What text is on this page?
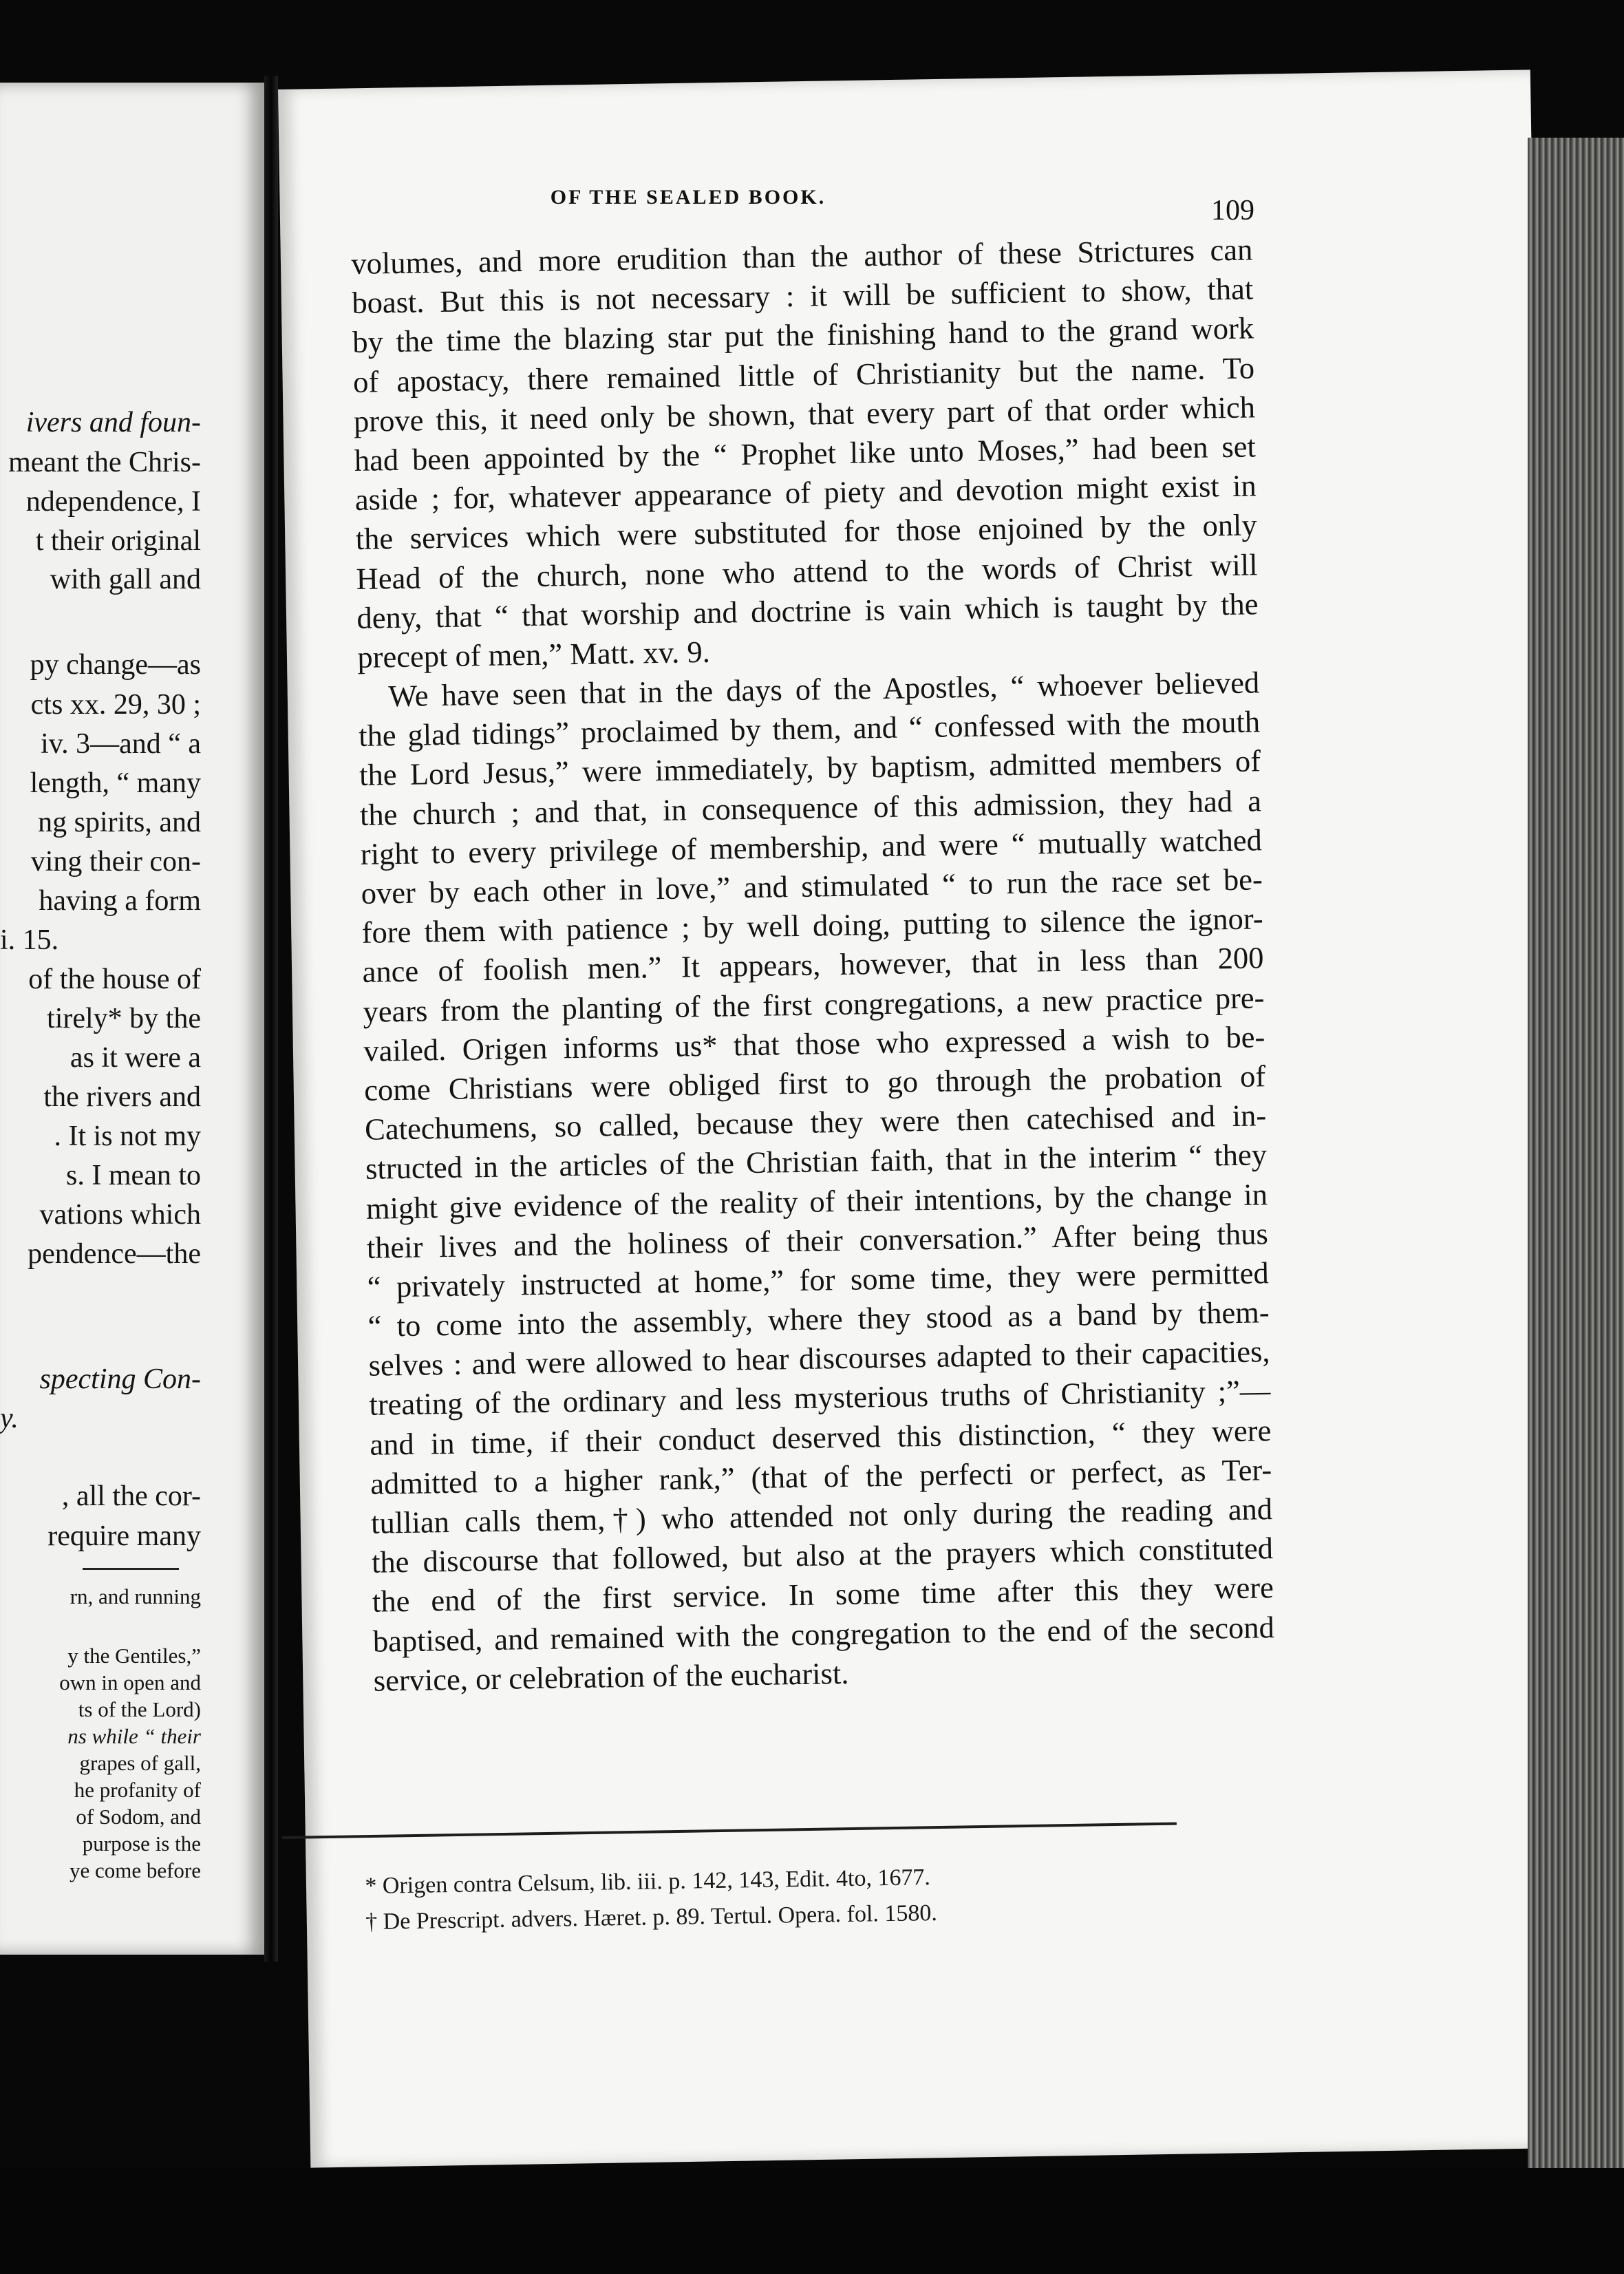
ivers and foun-
meant the Chris-
ndependence, I
t their original
with gall and
py change—as
cts xx. 29, 30 ;
iv. 3—and “ a
length, “ many
ng spirits, and
ving their con-
having a form
i. 15.
of the house of
tirely* by the
as it were a
the rivers and
. It is not my
s. I mean to
vations which
pendence—the
specting Con-
y.
, all the cor-
require many
rn, and running
y the Gentiles,”
own in open and
ts of the Lord)
ns while “ their
grapes of gall,
he profanity of
of Sodom, and
purpose is the
ye come before
OF THE SEALED BOOK.	109
volumes, and more erudition than the author of these Strictures can
boast. But this is not necessary : it will be sufficient to show, that
by the time the blazing star put the finishing hand to the grand work
of apostacy, there remained little of Christianity but the name. To
prove this, it need only be shown, that every part of that order which
had been appointed by the “ Prophet like unto Moses,” had been set
aside ; for, whatever appearance of piety and devotion might exist in
the services which were substituted for those enjoined by the only
Head of the church, none who attend to the words of Christ will
deny, that “ that worship and doctrine is vain which is taught by the
precept of men,” Matt. xv. 9.
We have seen that in the days of the Apostles, “ whoever believed
the glad tidings” proclaimed by them, and “ confessed with the mouth
the Lord Jesus,” were immediately, by baptism, admitted members of
the church ; and that, in consequence of this admission, they had a
right to every privilege of membership, and were “ mutually watched
over by each other in love,” and stimulated “ to run the race set be-
fore them with patience ; by well doing, putting to silence the ignor-
ance of foolish men.” It appears, however, that in less than 200
years from the planting of the first congregations, a new practice pre-
vailed. Origen informs us* that those who expressed a wish to be-
come Christians were obliged first to go through the probation of
Catechumens, so called, because they were then catechised and in-
structed in the articles of the Christian faith, that in the interim “ they
might give evidence of the reality of their intentions, by the change in
their lives and the holiness of their conversation.” After being thus
“ privately instructed at home,” for some time, they were permitted
“ to come into the assembly, where they stood as a band by them-
selves : and were allowed to hear discourses adapted to their capacities,
treating of the ordinary and less mysterious truths of Christianity ;”—
and in time, if their conduct deserved this distinction, “ they were
admitted to a higher rank,” (that of the perfecti or perfect, as Ter-
tullian calls them,†) who attended not only during the reading and
the discourse that followed, but also at the prayers which constituted
the end of the first service. In some time after this they were
baptised, and remained with the congregation to the end of the second
service, or celebration of the eucharist.
* Origen contra Celsum, lib. iii. p. 142, 143, Edit. 4to, 1677.
† De Prescript. advers. Hæret. p. 89. Tertul. Opera. fol. 1580.
